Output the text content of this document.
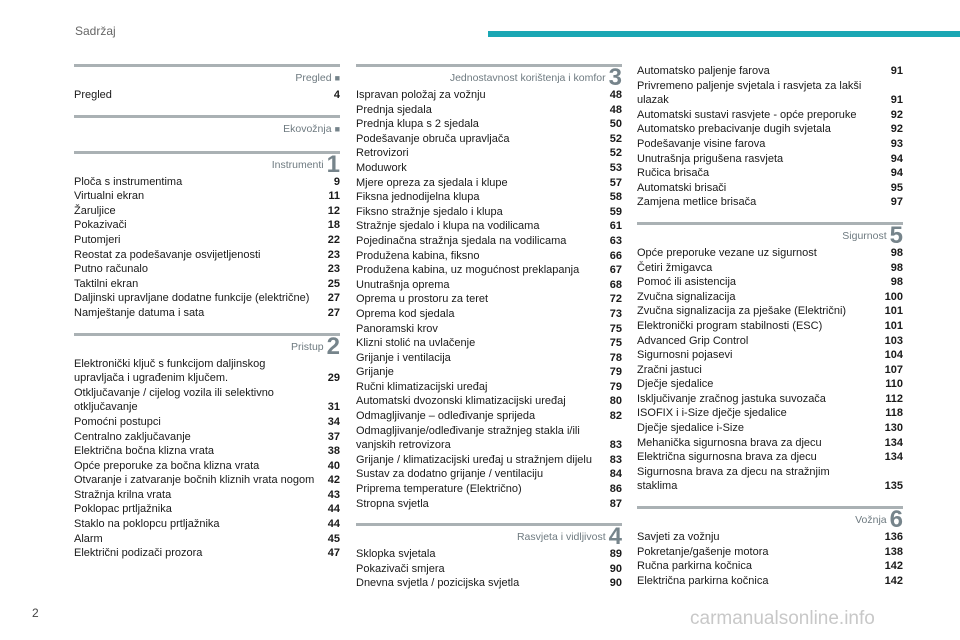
Sadržaj
Pregled ■
Pregled	4
Ekovožnja ■
Instrumenti 1
Ploča s instrumentima	9
Virtualni ekran	11
Žaruljice	12
Pokazivači	18
Putomjeri	22
Reostat za podešavanje osvijetljenosti	23
Putno računalo	23
Taktilni ekran	25
Daljinski upravljane dodatne funkcije (električne)	27
Namještanje datuma i sata	27
Pristup 2
Elektronički ključ s funkcijom daljinskog upravljača i ugrađenim ključem.	29
Otključavanje / cijelog vozila ili selektivno otključavanje	31
Pomoćni postupci	34
Centralno zaključavanje	37
Električna bočna klizna vrata	38
Opće preporuke za bočna klizna vrata	40
Otvaranje i zatvaranje bočnih kliznih vrata nogom	42
Stražnja krilna vrata	43
Poklopac prtljažnika	44
Staklo na poklopcu prtljažnika	44
Alarm	45
Električni podizači prozora	47
Jednostavnost korištenja i komfor 3
Ispravan položaj za vožnju	48
Prednja sjedala	48
Prednja klupa s 2 sjedala	50
Podešavanje obruča upravljača	52
Retrovizori	52
Moduwork	53
Mjere opreza za sjedala i klupe	57
Fiksna jednodijelna klupa	58
Fiksno stražnje sjedalo i klupa	59
Stražnje sjedalo i klupa na vodilicama	61
Pojedinačna stražnja sjedala na vodilicama	63
Produžena kabina, fiksno	66
Produžena kabina, uz mogućnost preklapanja	67
Unutrašnja oprema	68
Oprema u prostoru za teret	72
Oprema kod sjedala	73
Panoramski krov	75
Klizni stolić na uvlačenje	75
Grijanje i ventilacija	78
Grijanje	79
Ručni klimatizacijski uređaj	79
Automatski dvozonski klimatizacijski uređaj	80
Odmagljivanje – odleđivanje sprijeda	82
Odmagljivanje/odleđivanje stražnjeg stakla i/ili vanjskih retrovizora	83
Grijanje / klimatizacijski uređaj u stražnjem dijelu	83
Sustav za dodatno grijanje / ventilaciju	84
Priprema temperature (Električno)	86
Stropna svjetla	87
Rasvjeta i vidljivost 4
Sklopka svjetala	89
Pokazivači smjera	90
Dnevna svjetla / pozicijska svjetla	90
Automatsko paljenje farova	91
Privremeno paljenje svjetala i rasvjeta za lakši ulazak	91
Automatski sustavi rasvjete - opće preporuke	92
Automatsko prebacivanje dugih svjetala	92
Podešavanje visine farova	93
Unutrašnja prigušena rasvjeta	94
Ručica brisača	94
Automatski brisači	95
Zamjena metlice brisača	97
Sigurnost 5
Opće preporuke vezane uz sigurnost	98
Četiri žmigavca	98
Pomoć ili asistencija	98
Zvučna signalizacija	100
Zvučna signalizacija za pješake (Električni)	101
Elektronički program stabilnosti (ESC)	101
Advanced Grip Control	103
Sigurnosni pojasevi	104
Zračni jastuci	107
Dječje sjedalice	110
Isključivanje zračnog jastuka suvozača	112
ISOFIX i i-Size dječje sjedalice	118
Dječje sjedalice i-Size	130
Mehanička sigurnosna brava za djecu	134
Električna sigurnosna brava za djecu	134
Sigurnosna brava za djecu na stražnjim staklima	135
Vožnja 6
Savjeti za vožnju	136
Pokretanje/gašenje motora	138
Ručna parkirna kočnica	142
Električna parkirna kočnica	142
2	carmanualsonline.info
